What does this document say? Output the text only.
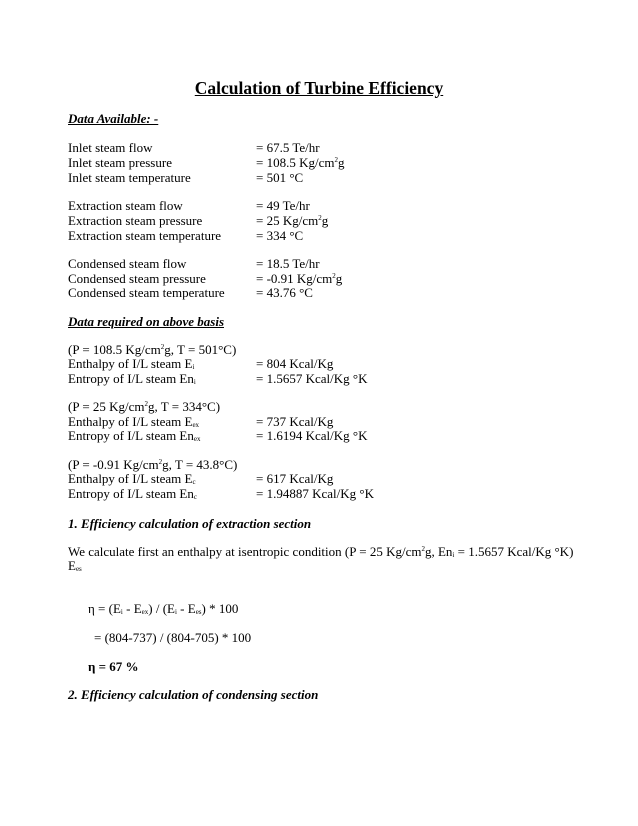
Calculation of Turbine Efficiency
Data Available: -
Inlet steam flow	= 67.5 Te/hr
Inlet steam pressure	= 108.5 $Kg/cm^2g$
Inlet steam temperature	= 501 °C
Extraction steam flow	= 49 Te/hr
Extraction steam pressure	= 25 $Kg/cm^2g$
Extraction steam temperature	= 334 °C
Condensed steam flow	= 18.5 Te/hr
Condensed steam pressure	= -0.91 $Kg/cm^2g$
Condensed steam temperature = 43.76 °C
Data required on above basis
(P = 108.5 $Kg/cm^2g$, T = 501°C)
Enthalpy of I/L steam $E_i$	= 804 Kcal/Kg
Entropy of I/L steam $En_i$	= 1.5657 Kcal/Kg °K
(P = 25 $Kg/cm^2g$, T = 334°C)
Enthalpy of I/L steam $E_{ex}$	= 737 Kcal/Kg
Entropy of I/L steam $En_{ex}$	= 1.6194 Kcal/Kg °K
(P = -0.91 $Kg/cm^2g$, T = 43.8°C)
Enthalpy of I/L steam $E_c$	= 617 Kcal/Kg
Entropy of I/L steam $En_c$	= 1.94887 Kcal/Kg °K
1. Efficiency calculation of extraction section
We calculate first an enthalpy at isentropic condition (P = 25 $Kg/cm^2g$, $En_i = 1.5657$ Kcal/Kg °K)
$E_{es}$
$\eta = (E_i - E_{ex}) / (E_i - E_{es}) * 100$
= (804-737) / (804-705) * 100
η = 67 %
2. Efficiency calculation of condensing section
